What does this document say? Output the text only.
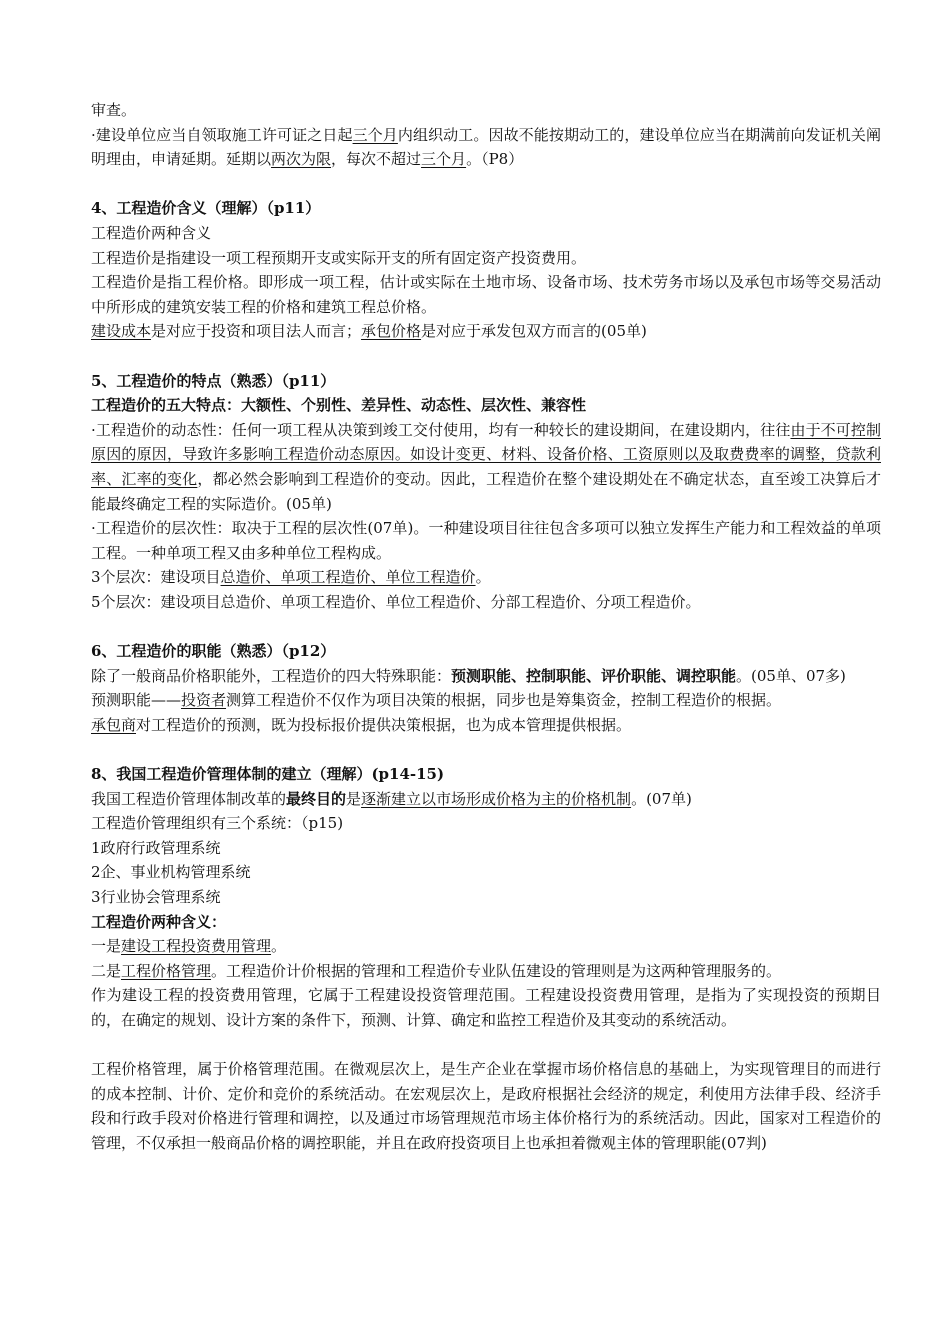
审查。

·建设单位应当自领取施工许可证之日起三个月内组织动工。因故不能按期动工的，建设单位应当在期满前向发证机关阐明理由，申请延期。延期以两次为限，每次不超过三个月。（P8）

4、工程造价含义（理解）（p11）

工程造价两种含义

工程造价是指建设一项工程预期开支或实际开支的所有固定资产投资费用。

工程造价是指工程价格。即形成一项工程，估计或实际在土地市场、设备市场、技术劳务市场以及承包市场等交易活动中所形成的建筑安装工程的价格和建筑工程总价格。

建设成本是对应于投资和项目法人而言；承包价格是对应于承发包双方而言的(05单)

5、工程造价的特点（熟悉）（p11）

工程造价的五大特点：大额性、个别性、差异性、动态性、层次性、兼容性

·工程造价的动态性：任何一项工程从决策到竣工交付使用，均有一种较长的建设期间，在建设期内，往往由于不可控制原因的原因，导致许多影响工程造价动态原因。如设计变更、材料、设备价格、工资原则以及取费费率的调整，贷款利率、汇率的变化，都必然会影响到工程造价的变动。因此，工程造价在整个建设期处在不确定状态，直至竣工决算后才能最终确定工程的实际造价。(05单)

·工程造价的层次性：取决于工程的层次性(07单)。一种建设项目往往包含多项可以独立发挥生产能力和工程效益的单项工程。一种单项工程又由多种单位工程构成。

3个层次：建设项目总造价、单项工程造价、单位工程造价。

5个层次：建设项目总造价、单项工程造价、单位工程造价、分部工程造价、分项工程造价。

6、工程造价的职能（熟悉）（p12）

除了一般商品价格职能外，工程造价的四大特殊职能：预测职能、控制职能、评价职能、调控职能。(05单、07多)

预测职能——投资者测算工程造价不仅作为项目决策的根据，同步也是筹集资金，控制工程造价的根据。

承包商对工程造价的预测，既为投标报价提供决策根据，也为成本管理提供根据。

8、我国工程造价管理体制的建立（理解）(p14-15)

我国工程造价管理体制改革的最终目的是逐渐建立以市场形成价格为主的价格机制。(07单)

工程造价管理组织有三个系统：（p15)

1政府行政管理系统

2企、事业机构管理系统

3行业协会管理系统

工程造价两种含义：

一是建设工程投资费用管理。

二是工程价格管理。工程造价计价根据的管理和工程造价专业队伍建设的管理则是为这两种管理服务的。

作为建设工程的投资费用管理，它属于工程建设投资管理范围。工程建设投资费用管理，是指为了实现投资的预期目的，在确定的规划、设计方案的条件下，预测、计算、确定和监控工程造价及其变动的系统活动。

工程价格管理，属于价格管理范围。在微观层次上，是生产企业在掌握市场价格信息的基础上，为实现管理目的而进行的成本控制、计价、定价和竞价的系统活动。在宏观层次上，是政府根据社会经济的规定，利使用方法律手段、经济手段和行政手段对价格进行管理和调控，以及通过市场管理规范市场主体价格行为的系统活动。因此，国家对工程造价的管理，不仅承担一般商品价格的调控职能，并且在政府投资项目上也承担着微观主体的管理职能(07判)
